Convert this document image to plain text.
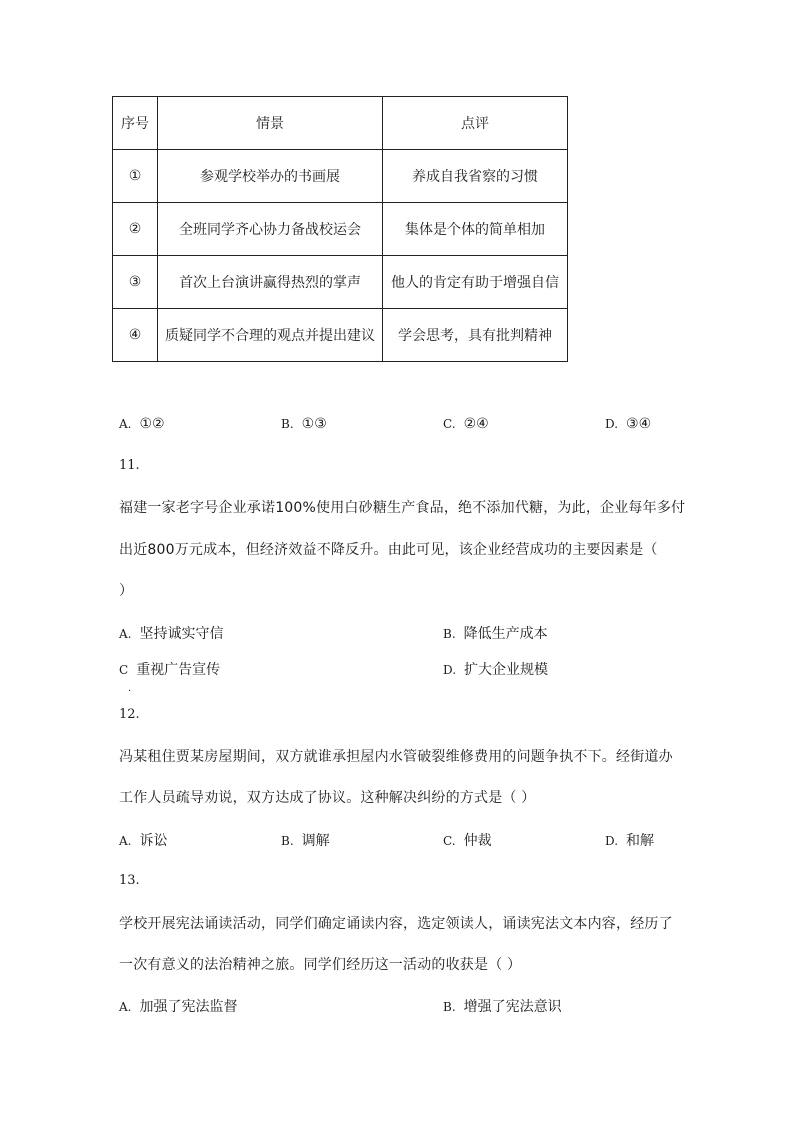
序号	情景	点评
①	参观学校举办的书画展	养成自我省察的习惯
②	全班同学齐心协力备战校运会	集体是个体的简单相加
③	首次上台演讲赢得热烈的掌声	他人的肯定有助于增强自信
④	质疑同学不合理的观点并提出建议	学会思考，具有批判精神
A. ①②	B. ①③	C. ②④	D. ③④
11.
福建一家老字号企业承诺100%使用白砂糖生产食品，绝不添加代糖，为此，企业每年多付
出近800万元成本，但经济效益不降反升。由此可见，该企业经营成功的主要因素是（
）
A. 坚持诚实守信	B. 降低生产成本
C 重视广告宣传
.
D. 扩大企业规模
12.
冯某租住贾某房屋期间，双方就谁承担屋内水管破裂维修费用的问题争执不下。经街道办
工作人员疏导劝说，双方达成了协议。这种解决纠纷的方式是（ ）
A. 诉讼	B. 调解	C. 仲裁	D. 和解
13.
学校开展宪法诵读活动，同学们确定诵读内容，选定领读人，诵读宪法文本内容，经历了
一次有意义的法治精神之旅。同学们经历这一活动的收获是（ ）
A. 加强了宪法监督	B. 增强了宪法意识
